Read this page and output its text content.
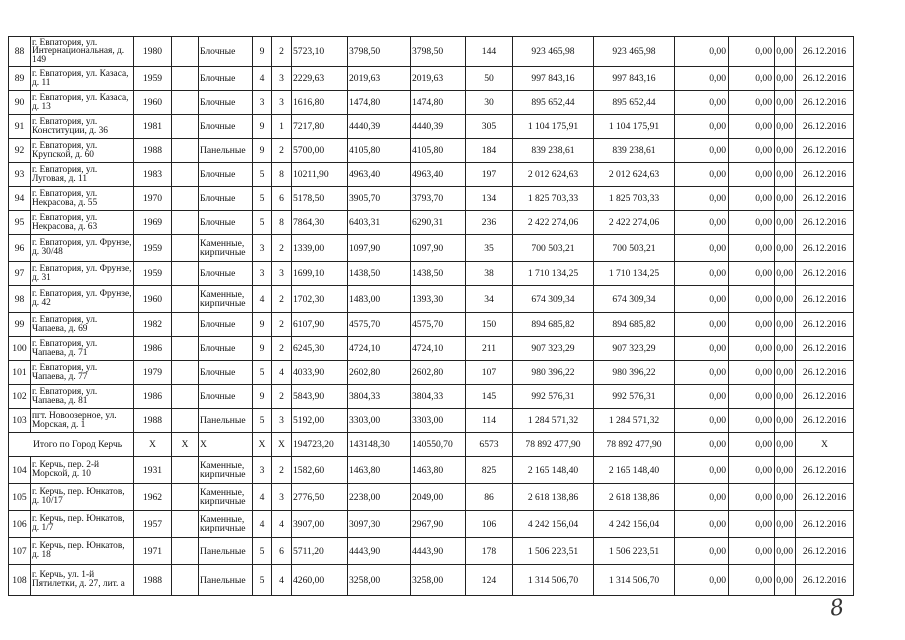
88	г. Евпатория, ул. Интернациональная, д. 149	1980		Блочные	9	2	5723,10	3798,50	3798,50	144	923 465,98	923 465,98	0,00	0,00	0,00	26.12.2016
89	г. Евпатория, ул. Казаса, д. 11	1959		Блочные	4	3	2229,63	2019,63	2019,63	50	997 843,16	997 843,16	0,00	0,00	0,00	26.12.2016
90	г. Евпатория, ул. Казаса, д. 13	1960		Блочные	3	3	1616,80	1474,80	1474,80	30	895 652,44	895 652,44	0,00	0,00	0,00	26.12.2016
91	г. Евпатория, ул. Конституции, д. 36	1981		Блочные	9	1	7217,80	4440,39	4440,39	305	1 104 175,91	1 104 175,91	0,00	0,00	0,00	26.12.2016
92	г. Евпатория, ул. Крупской, д. 60	1988		Панельные	9	2	5700,00	4105,80	4105,80	184	839 238,61	839 238,61	0,00	0,00	0,00	26.12.2016
93	г. Евпатория, ул. Луговая, д. 11	1983		Блочные	5	8	10211,90	4963,40	4963,40	197	2 012 624,63	2 012 624,63	0,00	0,00	0,00	26.12.2016
94	г. Евпатория, ул. Некрасова, д. 55	1970		Блочные	5	6	5178,50	3905,70	3793,70	134	1 825 703,33	1 825 703,33	0,00	0,00	0,00	26.12.2016
95	г. Евпатория, ул. Некрасова, д. 63	1969		Блочные	5	8	7864,30	6403,31	6290,31	236	2 422 274,06	2 422 274,06	0,00	0,00	0,00	26.12.2016
96	г. Евпатория, ул. Фрунзе, д. 30/48	1959		Каменные, кирпичные	3	2	1339,00	1097,90	1097,90	35	700 503,21	700 503,21	0,00	0,00	0,00	26.12.2016
97	г. Евпатория, ул. Фрунзе, д. 31	1959		Блочные	3	3	1699,10	1438,50	1438,50	38	1 710 134,25	1 710 134,25	0,00	0,00	0,00	26.12.2016
98	г. Евпатория, ул. Фрунзе, д. 42	1960		Каменные, кирпичные	4	2	1702,30	1483,00	1393,30	34	674 309,34	674 309,34	0,00	0,00	0,00	26.12.2016
99	г. Евпатория, ул. Чапаева, д. 69	1982		Блочные	9	2	6107,90	4575,70	4575,70	150	894 685,82	894 685,82	0,00	0,00	0,00	26.12.2016
100	г. Евпатория, ул. Чапаева, д. 71	1986		Блочные	9	2	6245,30	4724,10	4724,10	211	907 323,29	907 323,29	0,00	0,00	0,00	26.12.2016
101	г. Евпатория, ул. Чапаева, д. 77	1979		Блочные	5	4	4033,90	2602,80	2602,80	107	980 396,22	980 396,22	0,00	0,00	0,00	26.12.2016
102	г. Евпатория, ул. Чапаева, д. 81	1986		Блочные	9	2	5843,90	3804,33	3804,33	145	992 576,31	992 576,31	0,00	0,00	0,00	26.12.2016
103	пгт. Новоозерное, ул. Морская, д. 1	1988		Панельные	5	3	5192,00	3303,00	3303,00	114	1 284 571,32	1 284 571,32	0,00	0,00	0,00	26.12.2016
Итого по Город Керчь		X	X	X	X	X	194723,20	143148,30	140550,70	6573	78 892 477,90	78 892 477,90	0,00	0,00	0,00	X
104	г. Керчь, пер. 2-й Морской, д. 10	1931		Каменные, кирпичные	3	2	1582,60	1463,80	1463,80	825	2 165 148,40	2 165 148,40	0,00	0,00	0,00	26.12.2016
105	г. Керчь, пер. Юнкатов, д. 10/17	1962		Каменные, кирпичные	4	3	2776,50	2238,00	2049,00	86	2 618 138,86	2 618 138,86	0,00	0,00	0,00	26.12.2016
106	г. Керчь, пер. Юнкатов, д. 1/7	1957		Каменные, кирпичные	4	4	3907,00	3097,30	2967,90	106	4 242 156,04	4 242 156,04	0,00	0,00	0,00	26.12.2016
107	г. Керчь, пер. Юнкатов, д. 18	1971		Панельные	5	6	5711,20	4443,90	4443,90	178	1 506 223,51	1 506 223,51	0,00	0,00	0,00	26.12.2016
108	г. Керчь, ул. 1-й Пятилетки, д. 27, лит. а	1988		Панельные	5	4	4260,00	3258,00	3258,00	124	1 314 506,70	1 314 506,70	0,00	0,00	0,00	26.12.2016
8
